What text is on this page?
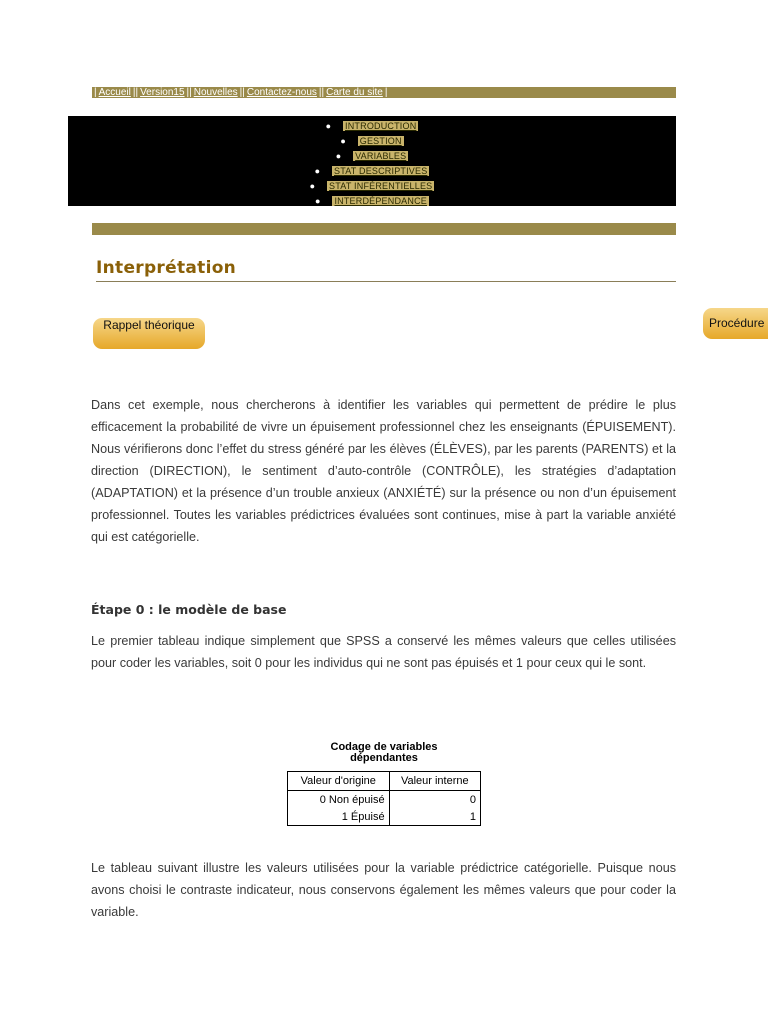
| Accueil || Version15 || Nouvelles || Contactez-nous || Carte du site |
● INTRODUCTION
● GESTION
● VARIABLES
● STAT DESCRIPTIVES
● STAT INFÉRENTIELLES
● INTERDÉPENDANCE
Interprétation
Rappel théorique	Procédure

Dans cet exemple, nous chercherons à identifier les variables qui permettent de prédire le plus efficacement la probabilité de vivre un épuisement professionnel chez les enseignants (ÉPUISEMENT). Nous vérifierons donc l’effet du stress généré par les élèves (ÉLÈVES), par les parents (PARENTS) et la direction (DIRECTION), le sentiment d’auto-contrôle (CONTRÔLE), les stratégies d’adaptation (ADAPTATION) et la présence d’un trouble anxieux (ANXIÉTÉ) sur la présence ou non d’un épuisement professionnel. Toutes les variables prédictrices évaluées sont continues, mise à part la variable anxiété qui est catégorielle.

Étape 0 : le modèle de base

Le premier tableau indique simplement que SPSS a conservé les mêmes valeurs que celles utilisées pour coder les variables, soit 0 pour les individus qui ne sont pas épuisés et 1 pour ceux qui le sont.

Codage de variables
dépendantes
Valeur d'origine	Valeur interne
0 Non épuisé	0
1 Épuisé	1

Le tableau suivant illustre les valeurs utilisées pour la variable prédictrice catégorielle. Puisque nous avons choisi le contraste indicateur, nous conservons également les mêmes valeurs que pour coder la variable.
